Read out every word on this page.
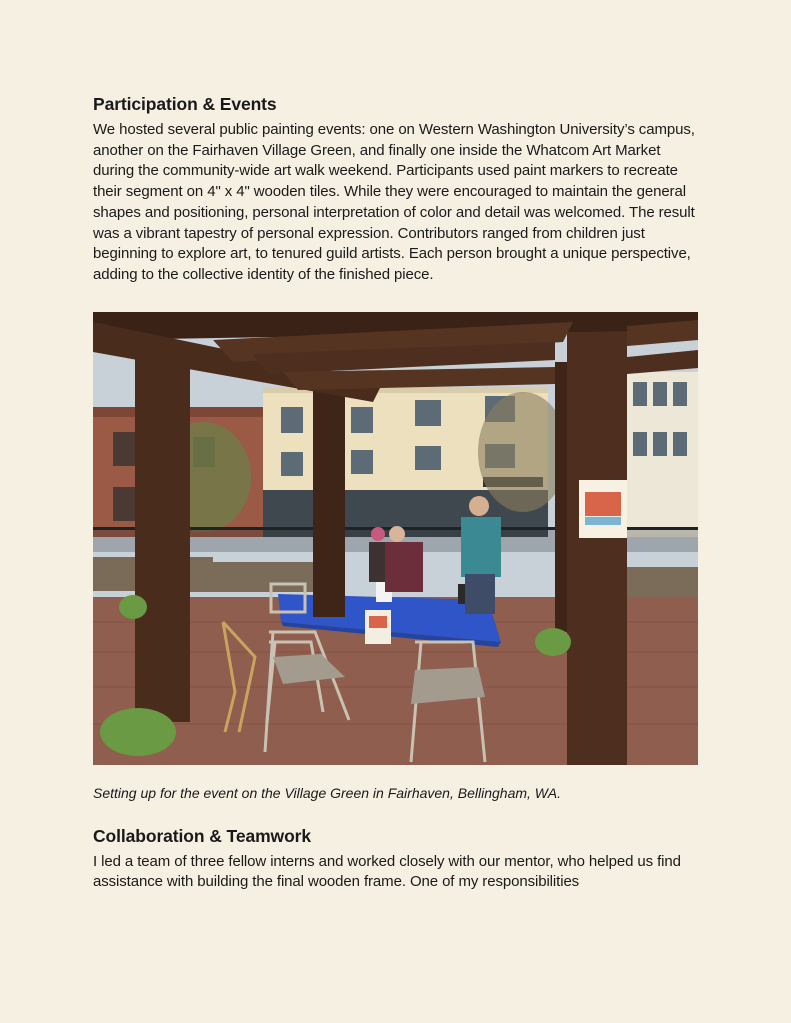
Participation & Events

We hosted several public painting events: one on Western Washington University’s campus, another on the Fairhaven Village Green, and finally one inside the Whatcom Art Market during the community-wide art walk weekend. Participants used paint markers to recreate their segment on 4" x 4" wooden tiles. While they were encouraged to maintain the general shapes and positioning, personal interpretation of color and detail was welcomed. The result was a vibrant tapestry of personal expression. Contributors ranged from children just beginning to explore art, to tenured guild artists. Each person brought a unique perspective, adding to the collective identity of the finished piece.

Setting up for the event on the Village Green in Fairhaven, Bellingham, WA.
Collaboration & Teamwork

I led a team of three fellow interns and worked closely with our mentor, who helped us find assistance with building the final wooden frame. One of my responsibilities
